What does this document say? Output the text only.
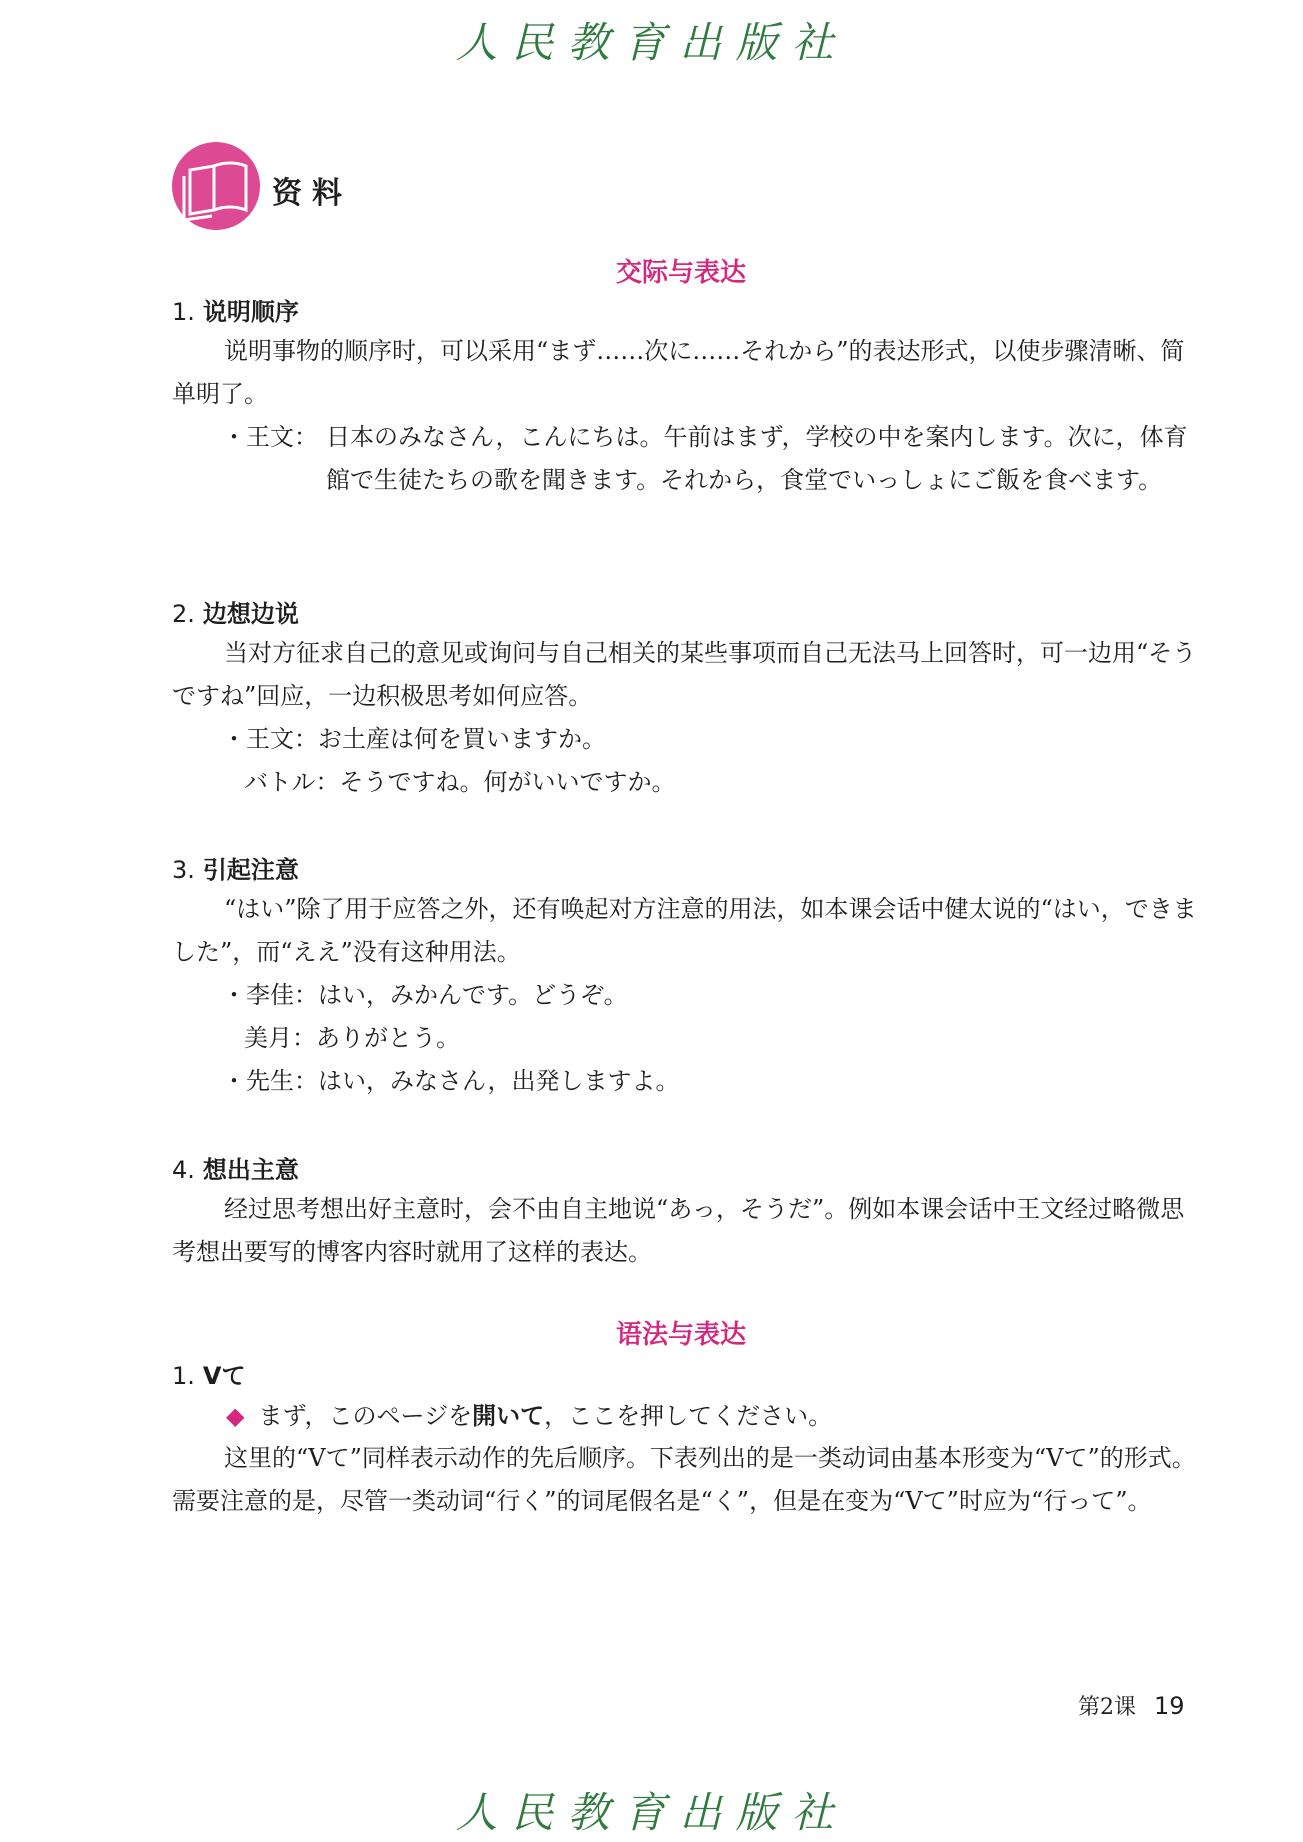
人民教育出版社
资料
交际与表达
1. 说明顺序
说明事物的顺序时，可以采用“まず……次に……それから”的表达形式，以使步骤清晰、简单明了。
・王文： 日本のみなさん，こんにちは。午前はまず，学校の中を案内します。次に，体育館で生徒たちの歌を聞きます。それから，食堂でいっしょにご飯を食べます。
2. 边想边说
当对方征求自己的意见或询问与自己相关的某些事项而自己无法马上回答时，可一边用“そうですね”回应，一边积极思考如何应答。
・王文：お土産は何を買いますか。
バトル：そうですね。何がいいですか。
3. 引起注意
“はい”除了用于应答之外，还有唤起对方注意的用法，如本课会话中健太说的“はい，できました”，而“ええ”没有这种用法。
・李佳：はい，みかんです。どうぞ。
美月：ありがとう。
・先生：はい，みなさん，出発しますよ。
4. 想出主意
经过思考想出好主意时，会不由自主地说“あっ，そうだ”。例如本课会话中王文经过略微思考想出要写的博客内容时就用了这样的表达。
语法与表达
1. Vて
◆ まず，このページを開いて，ここを押してください。
这里的“Vて”同样表示动作的先后顺序。下表列出的是一类动词由基本形变为“Vて”的形式。需要注意的是，尽管一类动词“行く”的词尾假名是“く”，但是在变为“Vて”时应为“行って”。
第2课 19
人民教育出版社
